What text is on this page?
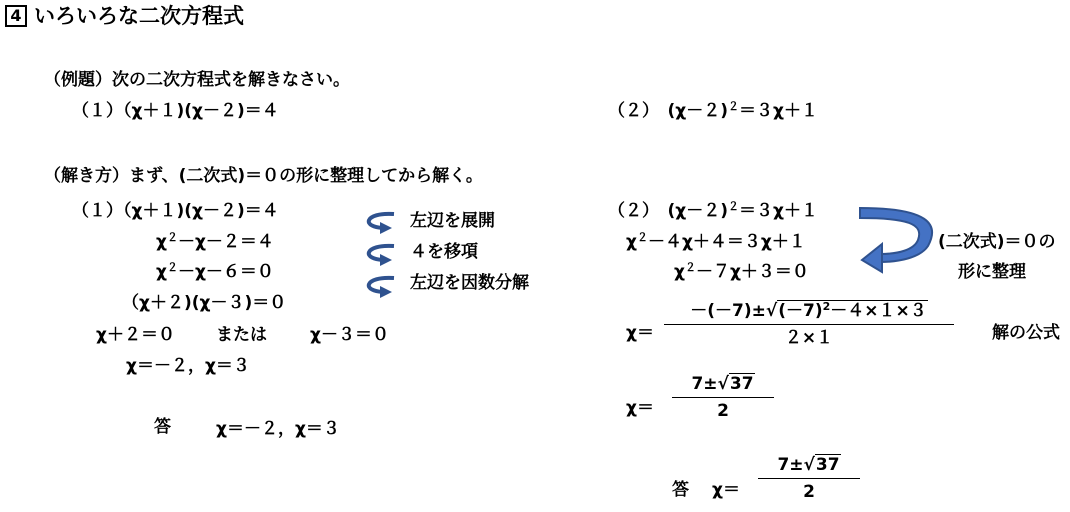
4 いろいろな二次方程式
（例題）次の二次方程式を解きなさい。
（１）（χ＋１)(χ－２)＝４	（２）　$(\chi-2)^2=3\chi+1$
（解き方）まず、(二次式)＝０の形に整理してから解く。
（１）（χ＋１)(χ－２)＝４
$\chi^2-\chi-2=4$
$\chi^2-\chi-6=0$
（χ＋２)(χ－３)＝０
χ＋２＝０ または	χ－３＝０
χ＝－２，χ＝３
答	χ＝－２，χ＝３
左辺を展開
４を移項
左辺を因数分解
（２）　$(\chi-2)^2=3\chi+1$
$\chi^2-4\chi+4=3\chi+1$
$\chi^2-7\chi+3=0$
(二次式)＝０の
形に整理
χ＝
$-(-7)\pm√(-7)^2-4\times 1\times 3$
２×１	解の公式
χ＝
7±√37
2
答 χ＝
7±√37
2
